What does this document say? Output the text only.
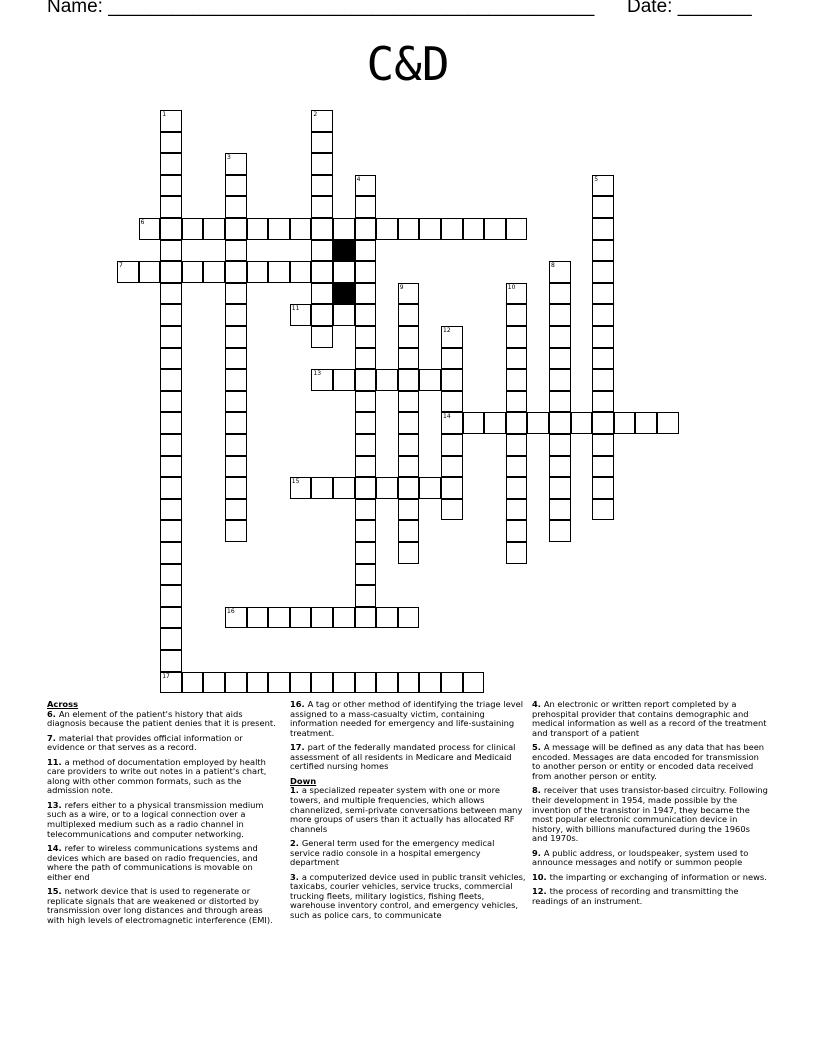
Name: ______________________________________________ Date: _______
C&D
1
17
2
3
4	5
6
7	8
9	10
11
12
14
13
15
16
Across
6. An element of the patient's history that aids diagnosis because the patient denies that it is present.
7. material that provides official information or evidence or that serves as a record.
11. a method of documentation employed by health care providers to write out notes in a patient's chart, along with other common formats, such as the admission note.
13. refers either to a physical transmission medium such as a wire, or to a logical connection over a multiplexed medium such as a radio channel in telecommunications and computer networking.
14. refer to wireless communications systems and devices which are based on radio frequencies, and where the path of communications is movable on either end
15. network device that is used to regenerate or replicate signals that are weakened or distorted by transmission over long distances and through areas with high levels of electromagnetic interference (EMI).
16. A tag or other method of identifying the triage level assigned to a mass-casualty victim, containing information needed for emergency and life-sustaining treatment.
17. part of the federally mandated process for clinical assessment of all residents in Medicare and Medicaid certified nursing homes
Down
1. a specialized repeater system with one or more towers, and multiple frequencies, which allows channelized, semi-private conversations between many more groups of users than it actually has allocated RF channels
2. General term used for the emergency medical service radio console in a hospital emergency department
3. a computerized device used in public transit vehicles, taxicabs, courier vehicles, service trucks, commercial trucking fleets, military logistics, fishing fleets, warehouse inventory control, and emergency vehicles, such as police cars, to communicate
4. An electronic or written report completed by a prehospital provider that contains demographic and medical information as well as a record of the treatment and transport of a patient
5. A message will be defined as any data that has been encoded. Messages are data encoded for transmission to another person or entity or encoded data received from another person or entity.
8. receiver that uses transistor-based circuitry. Following their development in 1954, made possible by the invention of the transistor in 1947, they became the most popular electronic communication device in history, with billions manufactured during the 1960s and 1970s.
9. A public address, or loudspeaker, system used to announce messages and notify or summon people
10. the imparting or exchanging of information or news.
12. the process of recording and transmitting the readings of an instrument.
